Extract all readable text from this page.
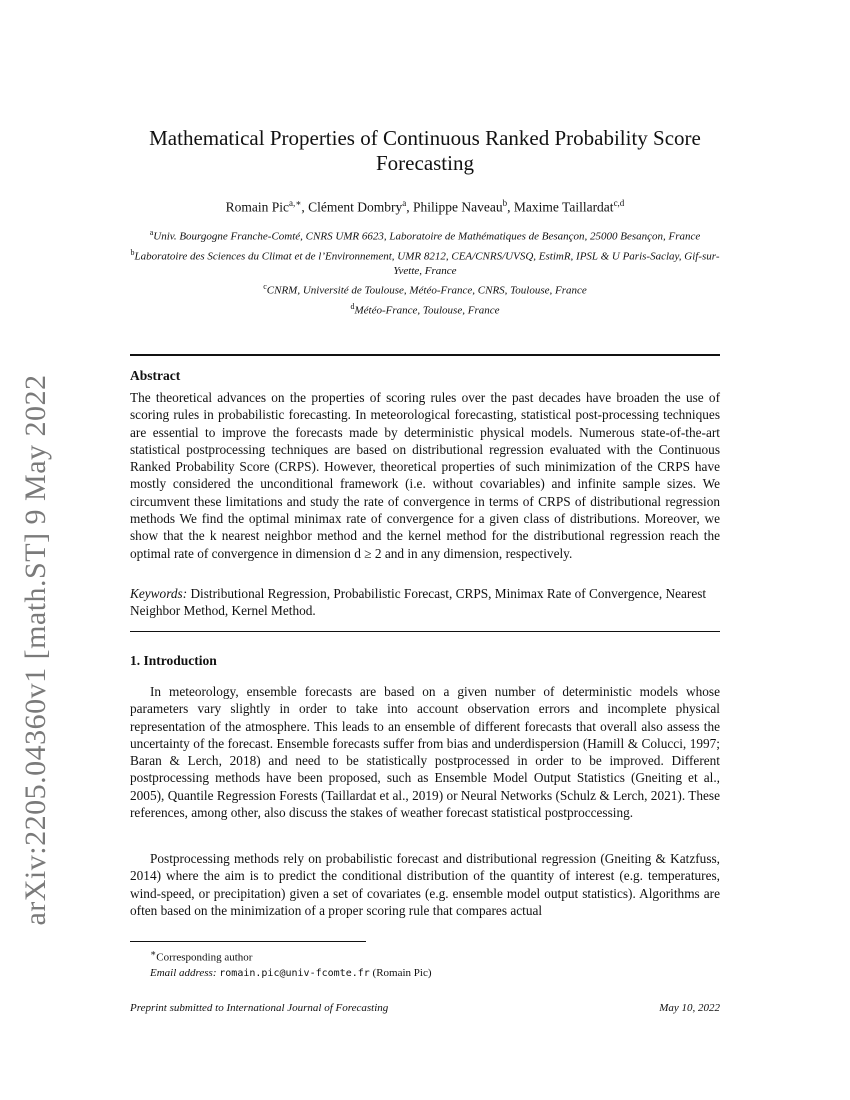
arXiv:2205.04360v1 [math.ST] 9 May 2022
Mathematical Properties of Continuous Ranked Probability Score
Forecasting
Romain Pic$^{a,∗}$, Clément Dombry$^a$, Philippe Naveau$^b$, Maxime Taillardat$^{c,d}$

$^a$Univ. Bourgogne Franche-Comté, CNRS UMR 6623, Laboratoire de Mathématiques de Besançon, 25000 Besançon, France

$^b$Laboratoire des Sciences du Climat et de l’Environnement, UMR 8212, CEA/CNRS/UVSQ, EstimR, IPSL & U Paris-Saclay, Gif-sur-Yvette, France

$^c$CNRM, Université de Toulouse, Météo-France, CNRS, Toulouse, France

$^d$Météo-France, Toulouse, France

Abstract
The theoretical advances on the properties of scoring rules over the past decades have broaden the use of scoring rules in probabilistic forecasting. In meteorological forecasting, statistical post-processing techniques are essential to improve the forecasts made by deterministic physical models. Numerous state-of-the-art statistical postprocessing techniques are based on distributional regression evaluated with the Continuous Ranked Probability Score (CRPS). However, theoretical properties of such minimization of the CRPS have mostly considered the unconditional framework (i.e. without covariables) and infinite sample sizes. We circumvent these limitations and study the rate of convergence in terms of CRPS of distributional regression methods We find the optimal minimax rate of convergence for a given class of distributions. Moreover, we show that the k nearest neighbor method and the kernel method for the distributional regression reach the optimal rate of convergence in dimension d ≥ 2 and in any dimension, respectively.
Keywords: Distributional Regression, Probabilistic Forecast, CRPS, Minimax Rate of Convergence, Nearest Neighbor Method, Kernel Method.
1. Introduction
In meteorology, ensemble forecasts are based on a given number of deterministic models whose parameters vary slightly in order to take into account observation errors and incomplete physical representation of the atmosphere. This leads to an ensemble of different forecasts that overall also assess the uncertainty of the forecast. Ensemble forecasts suffer from bias and underdispersion (Hamill & Colucci, 1997; Baran & Lerch, 2018) and need to be statistically postprocessed in order to be improved. Different postprocessing methods have been proposed, such as Ensemble Model Output Statistics (Gneiting et al., 2005), Quantile Regression Forests (Taillardat et al., 2019) or Neural Networks (Schulz & Lerch, 2021). These references, among other, also discuss the stakes of weather forecast statistical postproccessing.
Postprocessing methods rely on probabilistic forecast and distributional regression (Gneiting & Katzfuss, 2014) where the aim is to predict the conditional distribution of the quantity of interest (e.g. temperatures, wind-speed, or precipitation) given a set of covariates (e.g. ensemble model output statistics). Algorithms are often based on the minimization of a proper scoring rule that compares actual

∗Corresponding author

Email address: romain.pic@univ-fcomte.fr (Romain Pic)

Preprint submitted to International Journal of Forecasting	May 10, 2022
